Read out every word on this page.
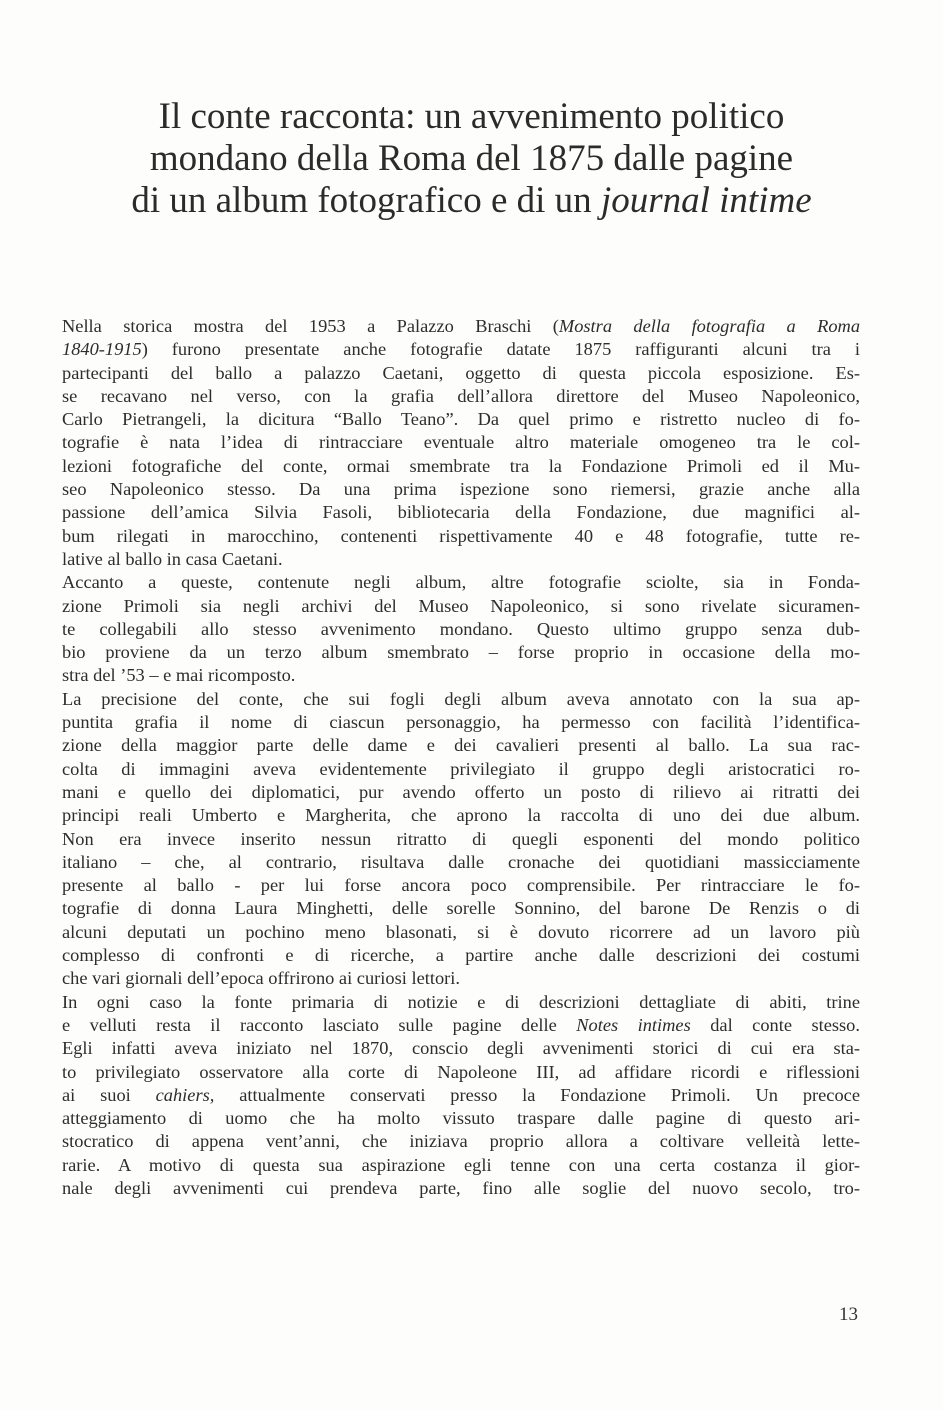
Il conte racconta: un avvenimento politico
mondano della Roma del 1875 dalle pagine
di un album fotografico e di un journal intime
Nella storica mostra del 1953 a Palazzo Braschi (Mostra della fotografia a Roma
1840-1915) furono presentate anche fotografie datate 1875 raffiguranti alcuni tra i
partecipanti del ballo a palazzo Caetani, oggetto di questa piccola esposizione. Es-
se recavano nel verso, con la grafia dell’allora direttore del Museo Napoleonico,
Carlo Pietrangeli, la dicitura “Ballo Teano”. Da quel primo e ristretto nucleo di fo-
tografie è nata l’idea di rintracciare eventuale altro materiale omogeneo tra le col-
lezioni fotografiche del conte, ormai smembrate tra la Fondazione Primoli ed il Mu-
seo Napoleonico stesso. Da una prima ispezione sono riemersi, grazie anche alla
passione dell’amica Silvia Fasoli, bibliotecaria della Fondazione, due magnifici al-
bum rilegati in marocchino, contenenti rispettivamente 40 e 48 fotografie, tutte re-
lative al ballo in casa Caetani.
Accanto a queste, contenute negli album, altre fotografie sciolte, sia in Fonda-
zione Primoli sia negli archivi del Museo Napoleonico, si sono rivelate sicuramen-
te collegabili allo stesso avvenimento mondano. Questo ultimo gruppo senza dub-
bio proviene da un terzo album smembrato – forse proprio in occasione della mo-
stra del ’53 – e mai ricomposto.
La precisione del conte, che sui fogli degli album aveva annotato con la sua ap-
puntita grafia il nome di ciascun personaggio, ha permesso con facilità l’identifica-
zione della maggior parte delle dame e dei cavalieri presenti al ballo. La sua rac-
colta di immagini aveva evidentemente privilegiato il gruppo degli aristocratici ro-
mani e quello dei diplomatici, pur avendo offerto un posto di rilievo ai ritratti dei
principi reali Umberto e Margherita, che aprono la raccolta di uno dei due album.
Non era invece inserito nessun ritratto di quegli esponenti del mondo politico
italiano – che, al contrario, risultava dalle cronache dei quotidiani massicciamente
presente al ballo - per lui forse ancora poco comprensibile. Per rintracciare le fo-
tografie di donna Laura Minghetti, delle sorelle Sonnino, del barone De Renzis o di
alcuni deputati un pochino meno blasonati, si è dovuto ricorrere ad un lavoro più
complesso di confronti e di ricerche, a partire anche dalle descrizioni dei costumi
che vari giornali dell’epoca offrirono ai curiosi lettori.
In ogni caso la fonte primaria di notizie e di descrizioni dettagliate di abiti, trine
e velluti resta il racconto lasciato sulle pagine delle Notes intimes dal conte stesso.
Egli infatti aveva iniziato nel 1870, conscio degli avvenimenti storici di cui era sta-
to privilegiato osservatore alla corte di Napoleone III, ad affidare ricordi e riflessioni
ai suoi cahiers, attualmente conservati presso la Fondazione Primoli. Un precoce
atteggiamento di uomo che ha molto vissuto traspare dalle pagine di questo ari-
stocratico di appena vent’anni, che iniziava proprio allora a coltivare velleità lette-
rarie. A motivo di questa sua aspirazione egli tenne con una certa costanza il gior-
nale degli avvenimenti cui prendeva parte, fino alle soglie del nuovo secolo, tro-
13
